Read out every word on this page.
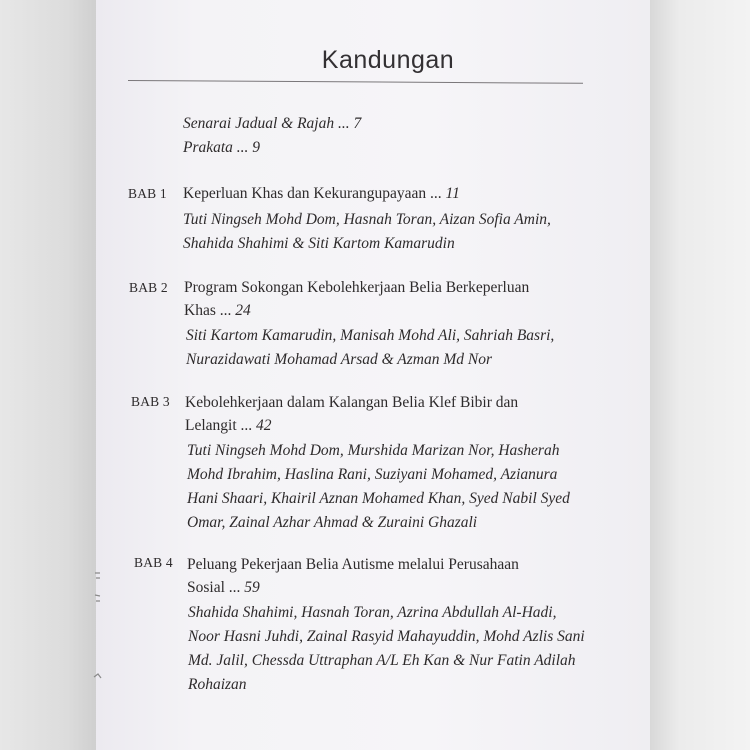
Kandungan
Senarai Jadual & Rajah ... 7
Prakata ... 9
BAB 1 Keperluan Khas dan Kekurangupayaan ... 11
Tuti Ningseh Mohd Dom, Hasnah Toran, Aizan Sofia Amin,
Shahida Shahimi & Siti Kartom Kamarudin
BAB 2 Program Sokongan Kebolehkerjaan Belia Berkeperluan
Khas ... 24
Siti Kartom Kamarudin, Manisah Mohd Ali, Sahriah Basri,
Nurazidawati Mohamad Arsad & Azman Md Nor
BAB 3 Kebolehkerjaan dalam Kalangan Belia Klef Bibir dan
Lelangit ... 42
Tuti Ningseh Mohd Dom, Murshida Marizan Nor, Hasherah
Mohd Ibrahim, Haslina Rani, Suziyani Mohamed, Azianura
Hani Shaari, Khairil Aznan Mohamed Khan, Syed Nabil Syed
Omar, Zainal Azhar Ahmad & Zuraini Ghazali
BAB 4 Peluang Pekerjaan Belia Autisme melalui Perusahaan
Sosial ... 59
Shahida Shahimi, Hasnah Toran, Azrina Abdullah Al-Hadi,
Noor Hasni Juhdi, Zainal Rasyid Mahayuddin, Mohd Azlis Sani
Md. Jalil, Chessda Uttraphan A/L Eh Kan & Nur Fatin Adilah
Rohaizan
